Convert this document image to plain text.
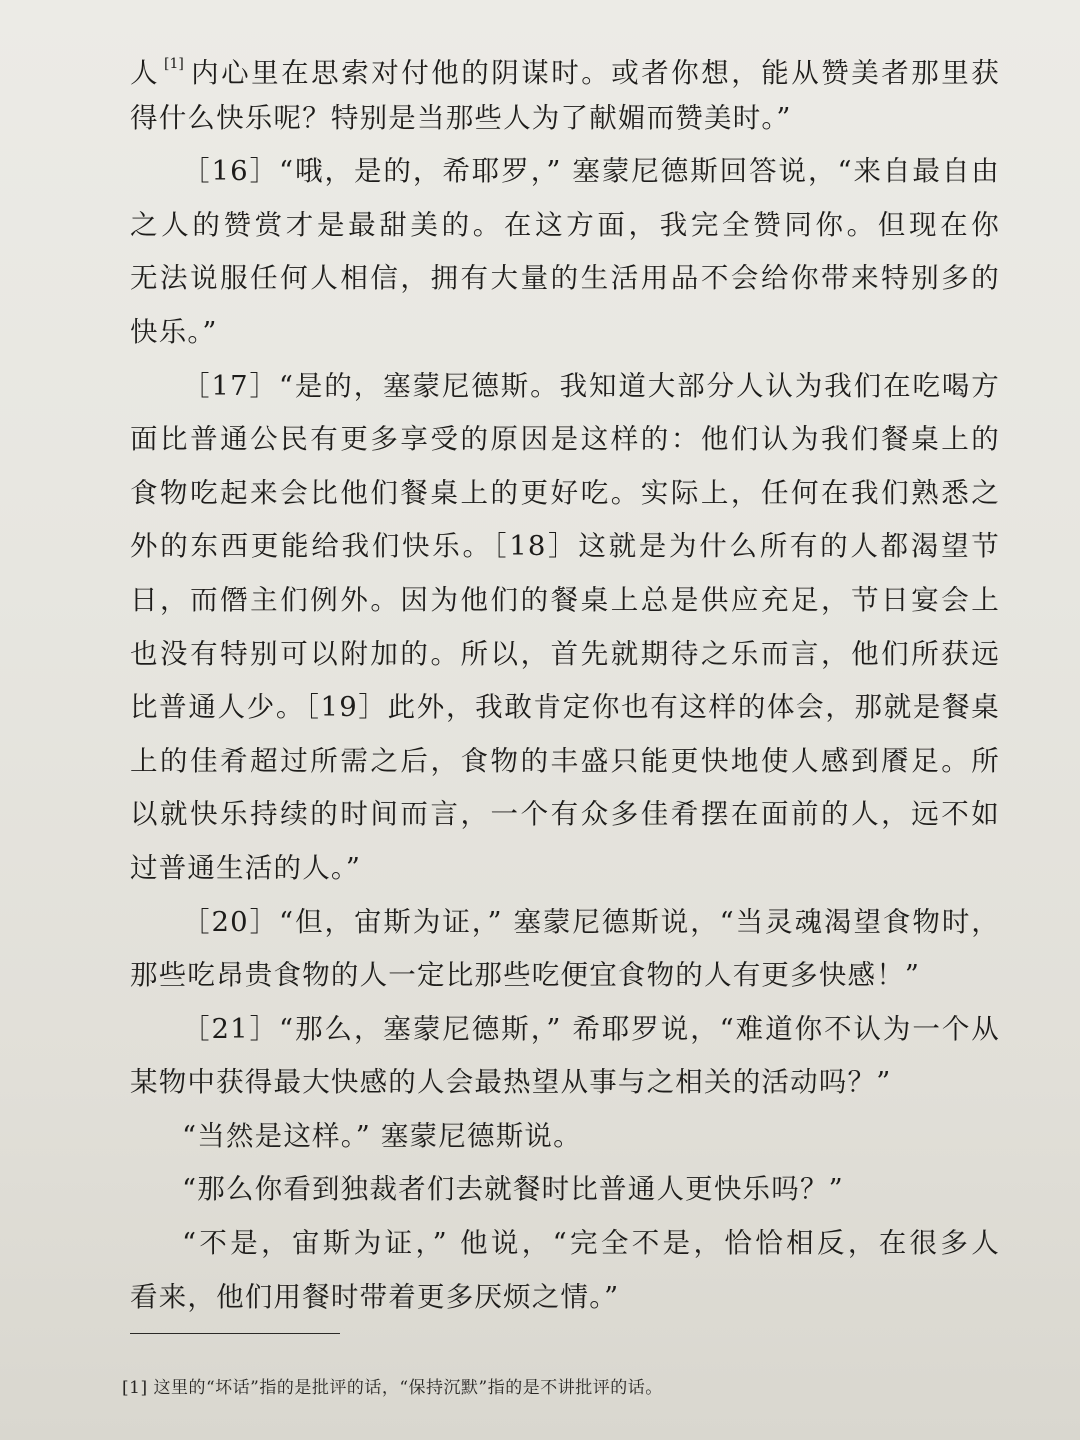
人 [1] 内心里在思索对付他的阴谋时。或者你想，能从赞美者那里获
得什么快乐呢？特别是当那些人为了献媚而赞美时。”
［16］“哦，是的，希耶罗，” 塞蒙尼德斯回答说，“来自最自由
之人的赞赏才是最甜美的。在这方面，我完全赞同你。但现在你
无法说服任何人相信，拥有大量的生活用品不会给你带来特别多的
快乐。”
［17］“是的，塞蒙尼德斯。我知道大部分人认为我们在吃喝方
面比普通公民有更多享受的原因是这样的：他们认为我们餐桌上的
食物吃起来会比他们餐桌上的更好吃。实际上，任何在我们熟悉之
外的东西更能给我们快乐。［18］这就是为什么所有的人都渴望节
日，而僭主们例外。因为他们的餐桌上总是供应充足，节日宴会上
也没有特别可以附加的。所以，首先就期待之乐而言，他们所获远
比普通人少。［19］此外，我敢肯定你也有这样的体会，那就是餐桌
上的佳肴超过所需之后，食物的丰盛只能更快地使人感到餍足。所
以就快乐持续的时间而言，一个有众多佳肴摆在面前的人，远不如
过普通生活的人。”
［20］“但，宙斯为证，” 塞蒙尼德斯说，“当灵魂渴望食物时，
那些吃昂贵食物的人一定比那些吃便宜食物的人有更多快感！”
［21］“那么，塞蒙尼德斯，” 希耶罗说，“难道你不认为一个从
某物中获得最大快感的人会最热望从事与之相关的活动吗？”
“当然是这样。” 塞蒙尼德斯说。
“那么你看到独裁者们去就餐时比普通人更快乐吗？”
“不是，宙斯为证，” 他说，“完全不是，恰恰相反，在很多人
看来，他们用餐时带着更多厌烦之情。”
[1] 这里的“坏话”指的是批评的话，“保持沉默”指的是不讲批评的话。
